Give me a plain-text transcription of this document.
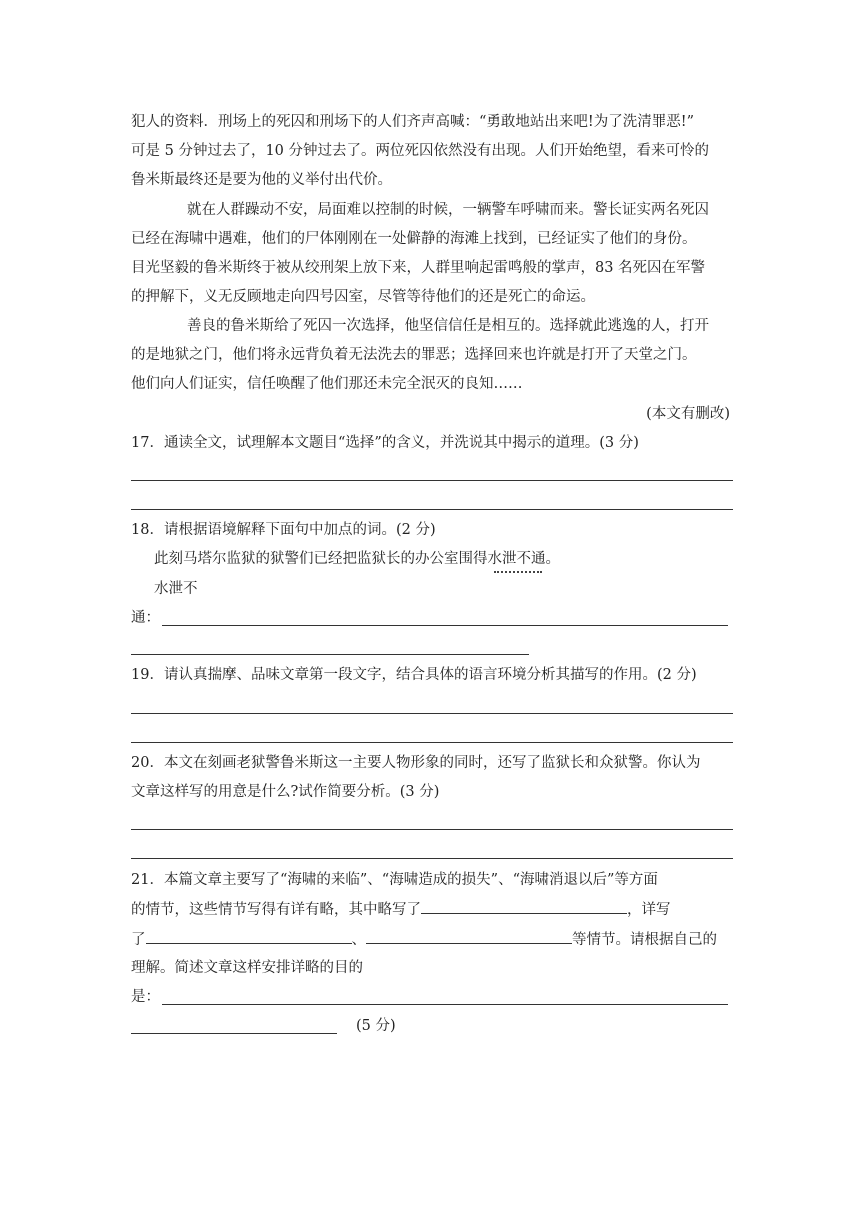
犯人的资料．刑场上的死囚和刑场下的人们齐声高喊：“勇敢地站出来吧!为了洗清罪恶!”
可是 5 分钟过去了，10 分钟过去了。两位死囚依然没有出现。人们开始绝望，看来可怜的
鲁米斯最终还是要为他的义举付出代价。
就在人群躁动不安，局面难以控制的时候，一辆警车呼啸而来。警长证实两名死囚
已经在海啸中遇难，他们的尸体刚刚在一处僻静的海滩上找到，已经证实了他们的身份。
目光坚毅的鲁米斯终于被从绞刑架上放下来，人群里响起雷鸣般的掌声，83 名死囚在军警
的押解下，义无反顾地走向四号囚室，尽管等待他们的还是死亡的命运。
善良的鲁米斯给了死囚一次选择，他坚信信任是相互的。选择就此逃逸的人，打开
的是地狱之门，他们将永远背负着无法洗去的罪恶；选择回来也许就是打开了天堂之门。
他们向人们证实，信任唤醒了他们那还未完全泯灭的良知……
(本文有删改)
17．通读全文，试理解本文题目“选择”的含义，并洗说其中揭示的道理。(3 分)
18．请根据语境解释下面句中加点的词。(2 分)
此刻马塔尔监狱的狱警们已经把监狱长的办公室围得水泄不通。
水泄不
通：
19．请认真揣摩、品味文章第一段文字，结合具体的语言环境分析其描写的作用。(2 分)
20．本文在刻画老狱警鲁米斯这一主要人物形象的同时，还写了监狱长和众狱警。你认为
文章这样写的用意是什么?试作简要分析。(3 分)
21．本篇文章主要写了“海啸的来临”、“海啸造成的损失”、“海啸消退以后”等方面
的情节，这些情节写得有详有略，其中略写了	，详写
了	、	等情节。请根据自己的
理解。简述文章这样安排详略的目的
是：
(5 分)
